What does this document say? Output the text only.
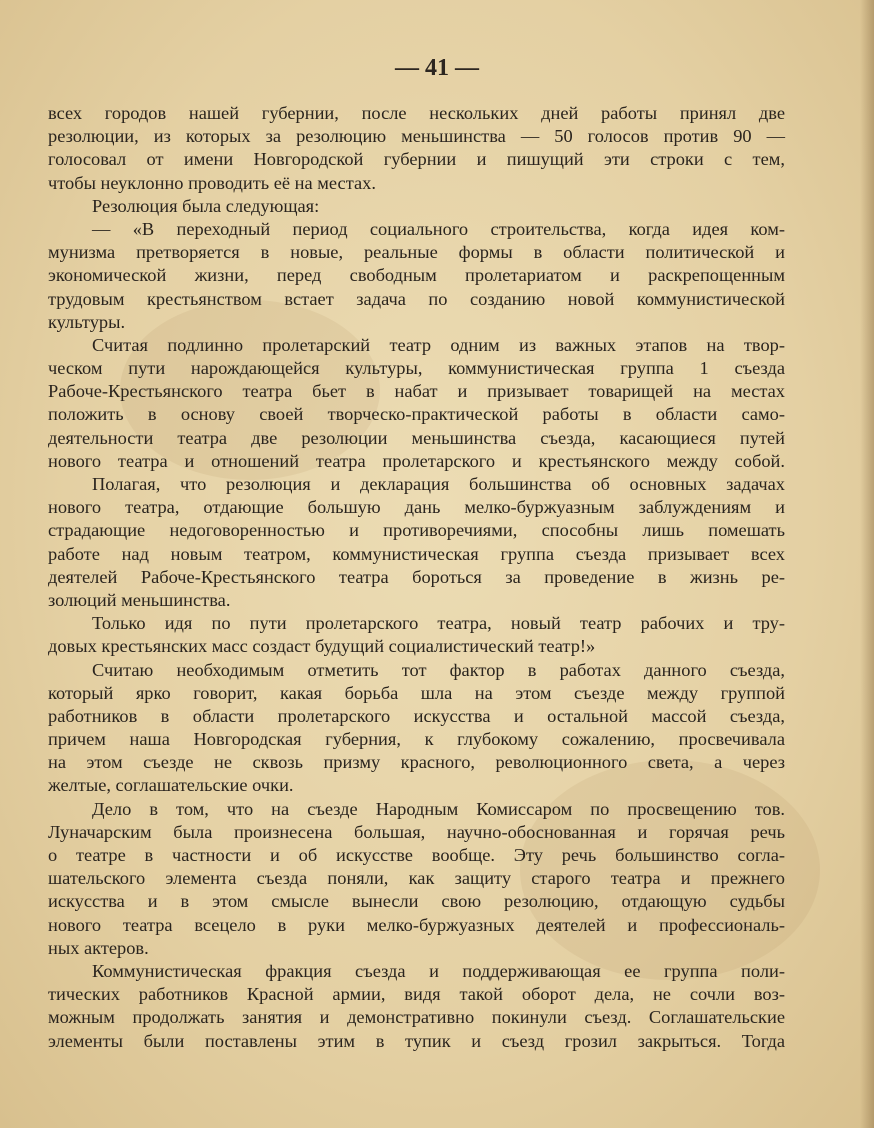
— 41 —
всех городов нашей губернии, после нескольких дней работы принял две
резолюции, из которых за резолюцию меньшинства — 50 голосов против 90 —
голосовал от имени Новгородской губернии и пишущий эти строки с тем,
чтобы неуклонно проводить её на местах.
Резолюция была следующая:
— «В переходный период социального строительства, когда идея ком-
мунизма претворяется в новые, реальные формы в области политической и
экономической жизни, перед свободным пролетариатом и раскрепощенным
трудовым крестьянством встает задача по созданию новой коммунистической
культуры.
Считая подлинно пролетарский театр одним из важных этапов на твор-
ческом пути нарождающейся культуры, коммунистическая группа 1 съезда
Рабоче-Крестьянского театра бьет в набат и призывает товарищей на местах
положить в основу своей творческо-практической работы в области само-
деятельности театра две резолюции меньшинства съезда, касающиеся путей
нового театра и отношений театра пролетарского и крестьянского между собой.
Полагая, что резолюция и декларация большинства об основных задачах
нового театра, отдающие большую дань мелко-буржуазным заблуждениям и
страдающие недоговоренностью и противоречиями, способны лишь помешать
работе над новым театром, коммунистическая группа съезда призывает всех
деятелей Рабоче-Крестьянского театра бороться за проведение в жизнь ре-
золюций меньшинства.
Только идя по пути пролетарского театра, новый театр рабочих и тру-
довых крестьянских масс создаст будущий социалистический театр!»
Считаю необходимым отметить тот фактор в работах данного съезда,
который ярко говорит, какая борьба шла на этом съезде между группой
работников в области пролетарского искусства и остальной массой съезда,
причем наша Новгородская губерния, к глубокому сожалению, просвечивала
на этом съезде не сквозь призму красного, революционного света, а через
желтые, соглашательские очки.
Дело в том, что на съезде Народным Комиссаром по просвещению тов.
Луначарским была произнесена большая, научно-обоснованная и горячая речь
о театре в частности и об искусстве вообще. Эту речь большинство согла-
шательского элемента съезда поняли, как защиту старого театра и прежнего
искусства и в этом смысле вынесли свою резолюцию, отдающую судьбы
нового театра всецело в руки мелко-буржуазных деятелей и профессиональ-
ных актеров.
Коммунистическая фракция съезда и поддерживающая ее группа поли-
тических работников Красной армии, видя такой оборот дела, не сочли воз-
можным продолжать занятия и демонстративно покинули съезд. Соглашательские
элементы были поставлены этим в тупик и съезд грозил закрыться. Тогда
